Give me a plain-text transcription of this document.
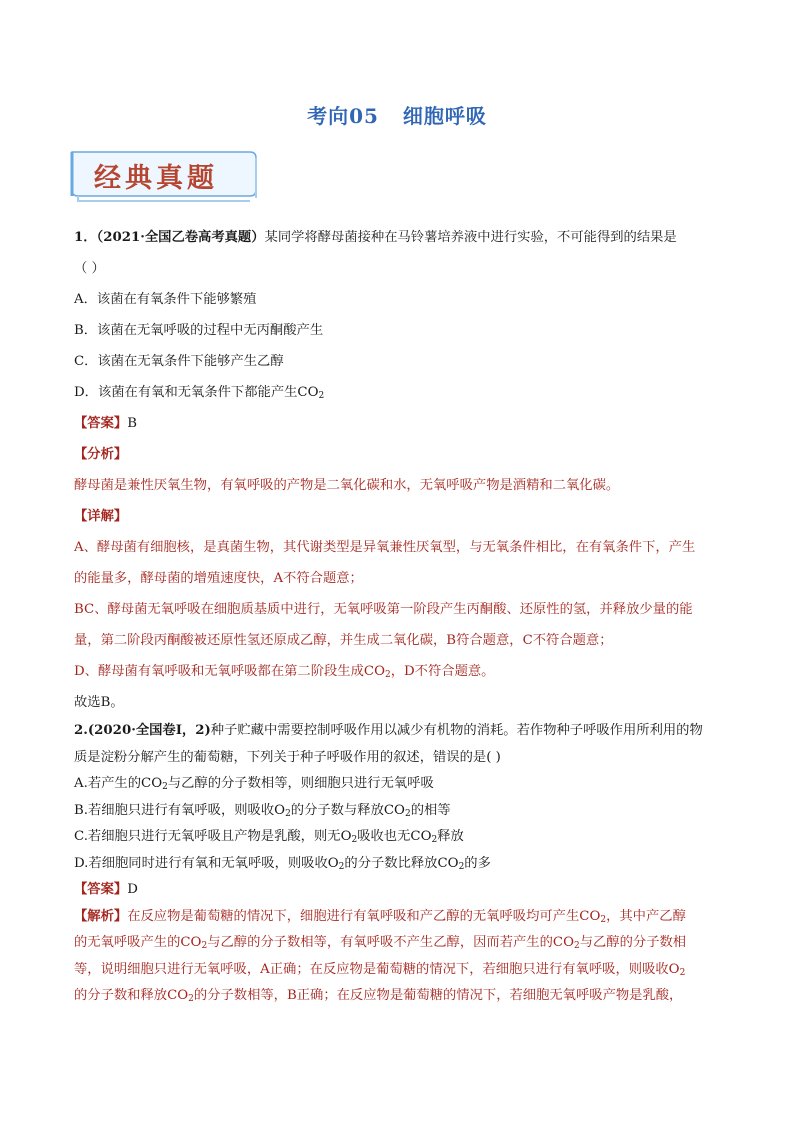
考向05 细胞呼吸
经典真题
1．（2021·全国乙卷高考真题）某同学将酵母菌接种在马铃薯培养液中进行实验，不可能得到的结果是
（ ）
A．该菌在有氧条件下能够繁殖
B．该菌在无氧呼吸的过程中无丙酮酸产生
C．该菌在无氧条件下能够产生乙醇
D．该菌在有氧和无氧条件下都能产生$CO_2$
【答案】B
【分析】
酵母菌是兼性厌氧生物，有氧呼吸的产物是二氧化碳和水，无氧呼吸产物是酒精和二氧化碳。
【详解】
A、酵母菌有细胞核，是真菌生物，其代谢类型是异氧兼性厌氧型，与无氧条件相比，在有氧条件下，产生
的能量多，酵母菌的增殖速度快，A不符合题意；
BC、酵母菌无氧呼吸在细胞质基质中进行，无氧呼吸第一阶段产生丙酮酸、还原性的氢，并释放少量的能
量，第二阶段丙酮酸被还原性氢还原成乙醇，并生成二氧化碳，B符合题意，C不符合题意；
D、酵母菌有氧呼吸和无氧呼吸都在第二阶段生成$CO_2$，D不符合题意。
故选B。
2.(2020·全国卷Ⅰ，2)种子贮藏中需要控制呼吸作用以减少有机物的消耗。若作物种子呼吸作用所利用的物
质是淀粉分解产生的葡萄糖，下列关于种子呼吸作用的叙述，错误的是( )
A.若产生的$CO_2$与乙醇的分子数相等，则细胞只进行无氧呼吸
B.若细胞只进行有氧呼吸，则吸收$O_2$的分子数与释放$CO_2$的相等
C.若细胞只进行无氧呼吸且产物是乳酸，则无$O_2$吸收也无$CO_2$释放
D.若细胞同时进行有氧和无氧呼吸，则吸收$O_2$的分子数比释放$CO_2$的多
【答案】D
【解析】在反应物是葡萄糖的情况下，细胞进行有氧呼吸和产乙醇的无氧呼吸均可产生$CO_2$，其中产乙醇
的无氧呼吸产生的$CO_2$与乙醇的分子数相等，有氧呼吸不产生乙醇，因而若产生的$CO_2$与乙醇的分子数相
等，说明细胞只进行无氧呼吸，A正确；在反应物是葡萄糖的情况下，若细胞只进行有氧呼吸，则吸收$O_2$
的分子数和释放$CO_2$的分子数相等，B正确；在反应物是葡萄糖的情况下，若细胞无氧呼吸产物是乳酸，
